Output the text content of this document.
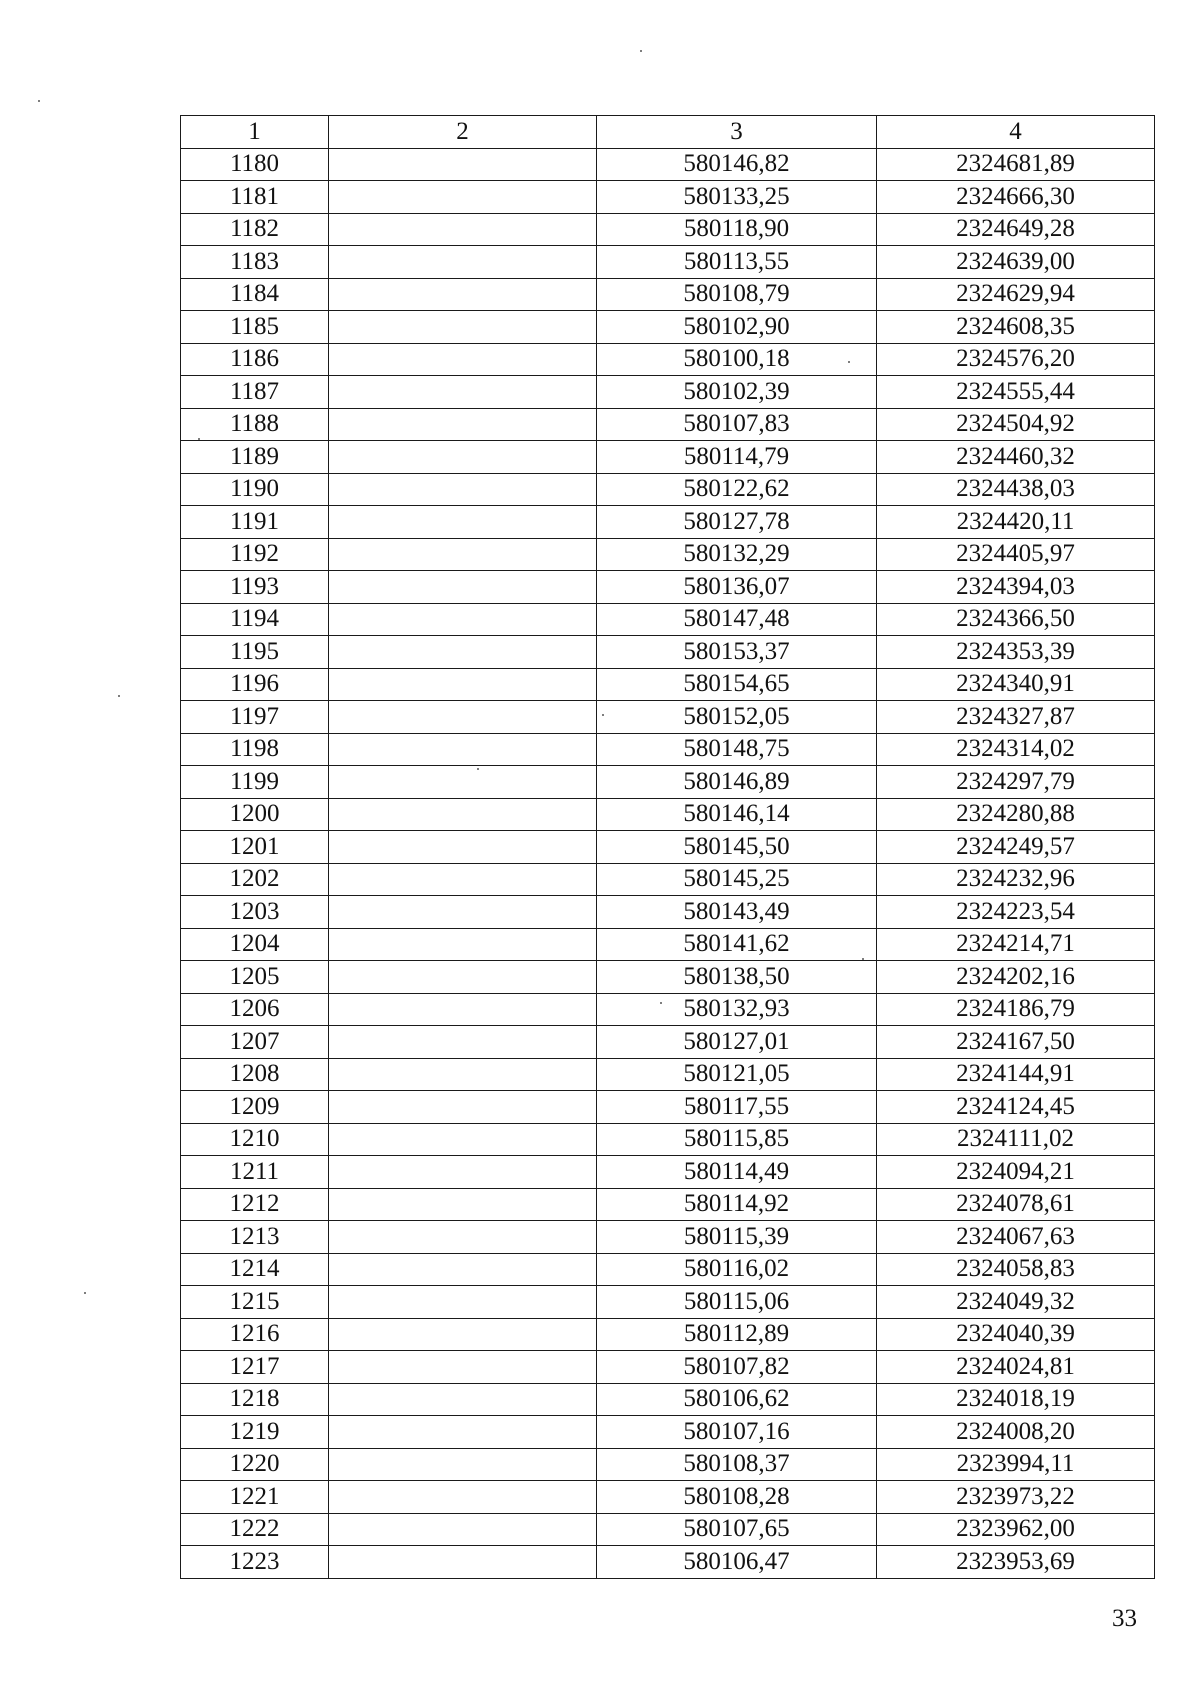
1	2	3	4
1180		580146,82	2324681,89
1181		580133,25	2324666,30
1182		580118,90	2324649,28
1183		580113,55	2324639,00
1184		580108,79	2324629,94
1185		580102,90	2324608,35
1186		580100,18	2324576,20
1187		580102,39	2324555,44
1188		580107,83	2324504,92
1189		580114,79	2324460,32
1190		580122,62	2324438,03
1191		580127,78	2324420,11
1192		580132,29	2324405,97
1193		580136,07	2324394,03
1194		580147,48	2324366,50
1195		580153,37	2324353,39
1196		580154,65	2324340,91
1197		580152,05	2324327,87
1198		580148,75	2324314,02
1199		580146,89	2324297,79
1200		580146,14	2324280,88
1201		580145,50	2324249,57
1202		580145,25	2324232,96
1203		580143,49	2324223,54
1204		580141,62	2324214,71
1205		580138,50	2324202,16
1206		580132,93	2324186,79
1207		580127,01	2324167,50
1208		580121,05	2324144,91
1209		580117,55	2324124,45
1210		580115,85	2324111,02
1211		580114,49	2324094,21
1212		580114,92	2324078,61
1213		580115,39	2324067,63
1214		580116,02	2324058,83
1215		580115,06	2324049,32
1216		580112,89	2324040,39
1217		580107,82	2324024,81
1218		580106,62	2324018,19
1219		580107,16	2324008,20
1220		580108,37	2323994,11
1221		580108,28	2323973,22
1222		580107,65	2323962,00
1223		580106,47	2323953,69
33
